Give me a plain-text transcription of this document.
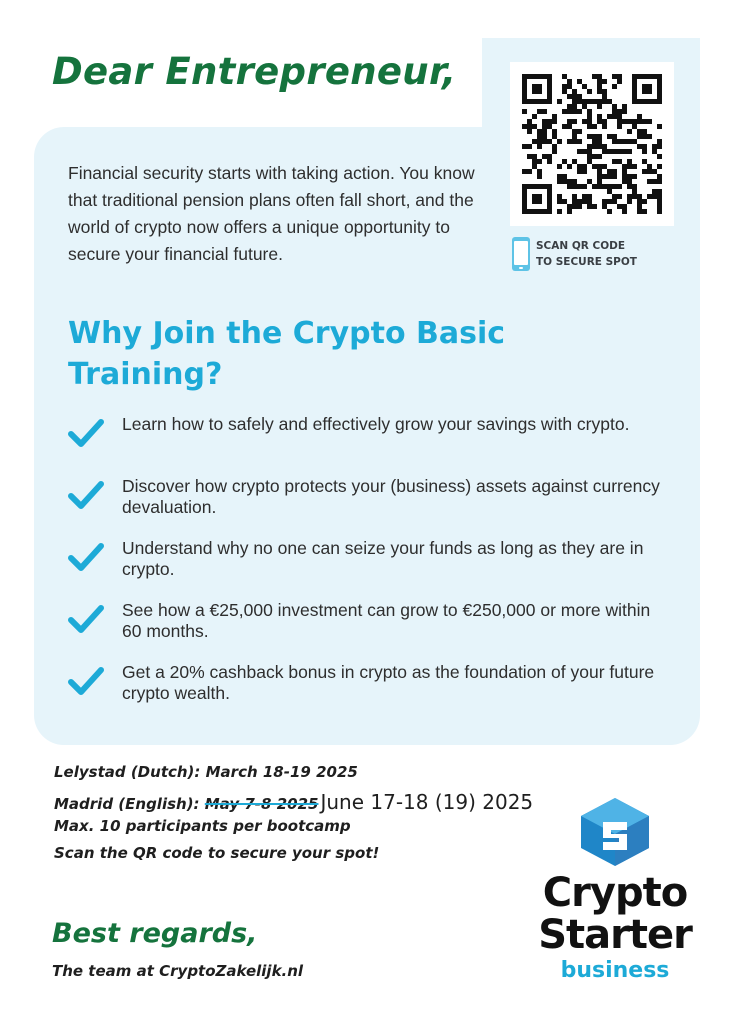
Dear Entrepreneur,
SCAN QR CODE
TO SECURE SPOT

Financial security starts with taking action. You know that traditional pension plans often fall short, and the world of crypto now offers a unique opportunity to secure your financial future.

Why Join the Crypto Basic Training?
Learn how to safely and effectively grow your savings with crypto.
Discover how crypto protects your (business) assets against currency devaluation.
Understand why no one can seize your funds as long as they are in crypto.
See how a €25,000 investment can grow to €250,000 or more within 60 months.
Get a 20% cashback bonus in crypto as the foundation of your future crypto wealth.
Lelystad (Dutch): March 18-19 2025
Madrid (English): May 7-8 2025 June 17-18 (19) 2025
Max. 10 participants per bootcamp
Scan the QR code to secure your spot!

Best regards,

The team at CryptoZakelijk.nl
Crypto
Starter
business
